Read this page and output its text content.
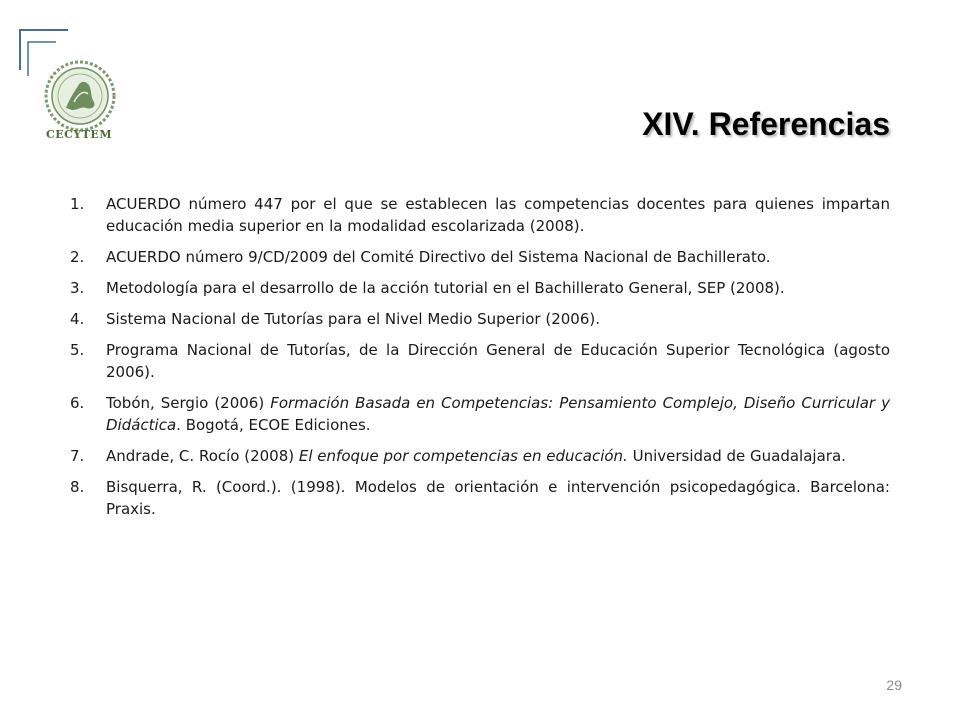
CECYTEM	XIV. Referencias
1.	ACUERDO número 447 por el que se establecen las competencias docentes para quienes impartan educación media superior en la modalidad escolarizada (2008).
2.	ACUERDO número 9/CD/2009 del Comité Directivo del Sistema Nacional de Bachillerato.
3.	Metodología para el desarrollo de la acción tutorial en el Bachillerato General, SEP (2008).
4.	Sistema Nacional de Tutorías para el Nivel Medio Superior (2006).
5.	Programa Nacional de Tutorías, de la Dirección General de Educación Superior Tecnológica (agosto 2006).
6.	Tobón, Sergio (2006) Formación Basada en Competencias: Pensamiento Complejo, Diseño Curricular y Didáctica. Bogotá, ECOE Ediciones.
7.	Andrade, C. Rocío (2008) El enfoque por competencias en educación. Universidad de Guadalajara.
8.	Bisquerra, R. (Coord.). (1998). Modelos de orientación e intervención psicopedagógica. Barcelona: Praxis.
29
